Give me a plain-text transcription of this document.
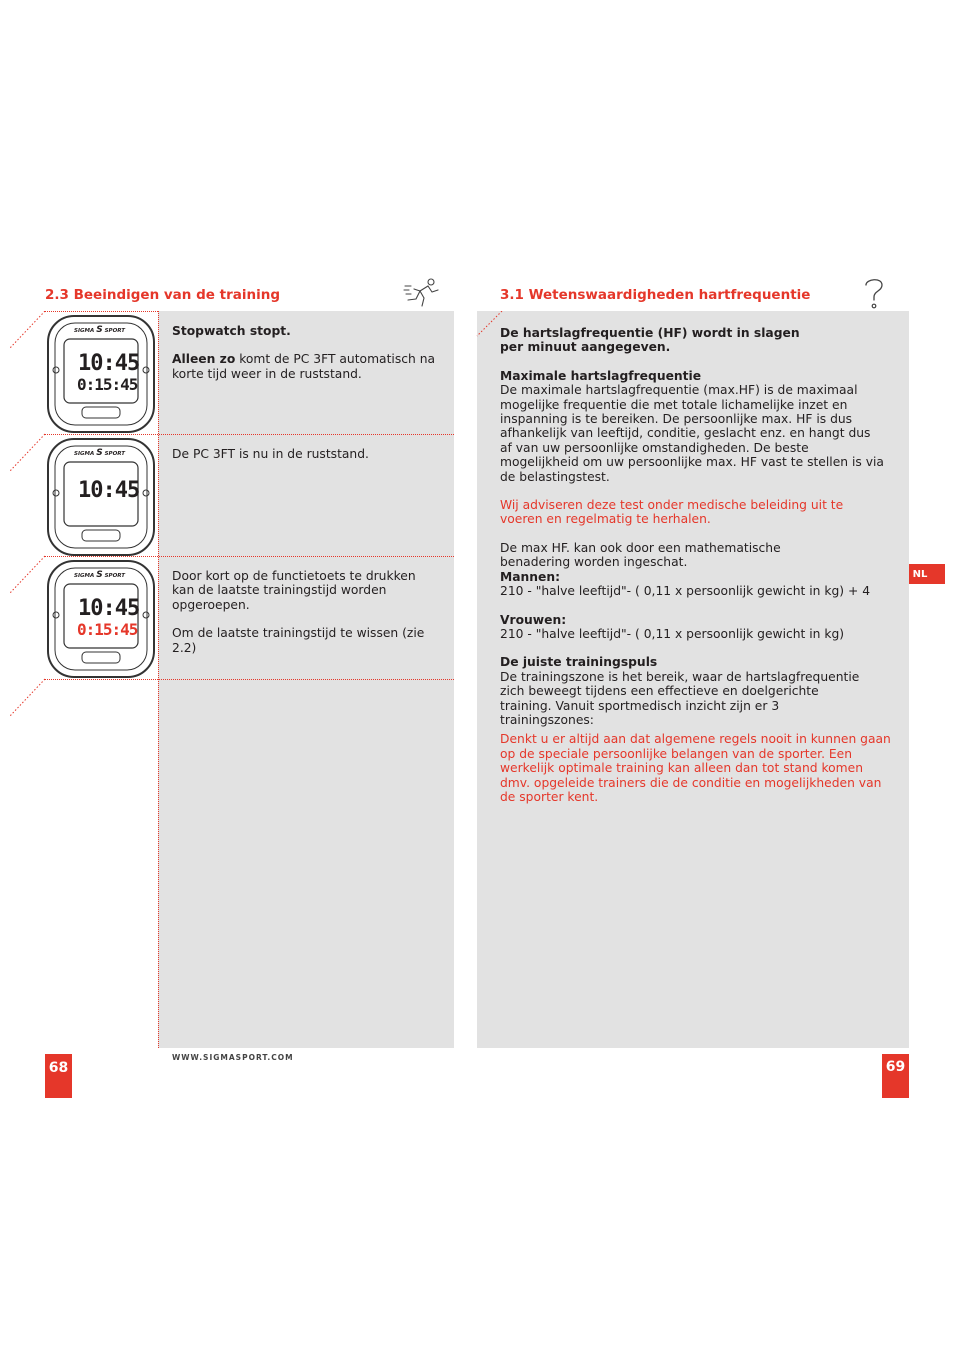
2.3 Beeindigen van de training
SIGMA S SPORT
10:45
0:15:45
SIGMA S SPORT
10:45
SIGMA S SPORT
10:45
0:15:45
Stopwatch stopt.
Alleen zo komt de PC 3FT automatisch na korte tijd weer in de ruststand.
De PC 3FT is nu in de ruststand.
Door kort op de functietoets te drukken kan de laatste trainingstijd worden opgeroepen.
Om de laatste trainingstijd te wissen (zie 2.2)
68
WWW.SIGMASPORT.COM
3.1 Wetenswaardigheden hartfrequentie
De hartslagfrequentie (HF) wordt in slagen per minuut aangegeven.
Maximale hartslagfrequentie
De maximale hartslagfrequentie (max.HF) is de maximaal mogelijke frequentie die met totale lichamelijke inzet en inspanning is te bereiken. De persoonlijke max. HF is dus afhankelijk van leeftijd, conditie, geslacht enz. en hangt dus af van uw persoonlijke omstandigheden. De beste mogelijkheid om uw persoonlijke max. HF vast te stellen is via de belastingstest.
Wij adviseren deze test onder medische beleiding uit te voeren en regelmatig te herhalen.
De max HF. kan ook door een mathematische benadering worden ingeschat.
Mannen:
210 - "halve leeftijd"- ( 0,11 x persoonlijk gewicht in kg) + 4
Vrouwen:
210 - "halve leeftijd"- ( 0,11 x persoonlijk gewicht in kg)
De juiste trainingspuls
De trainingszone is het bereik, waar de hartslagfrequentie zich beweegt tijdens een effectieve en doelgerichte training. Vanuit sportmedisch inzicht zijn er 3 trainingszones:
Denkt u er altijd aan dat algemene regels nooit in kunnen gaan op de speciale persoonlijke belangen van de sporter. Een werkelijk optimale training kan alleen dan tot stand komen dmv. opgeleide trainers die de conditie en mogelijkheden van de sporter kent.
NL
69
